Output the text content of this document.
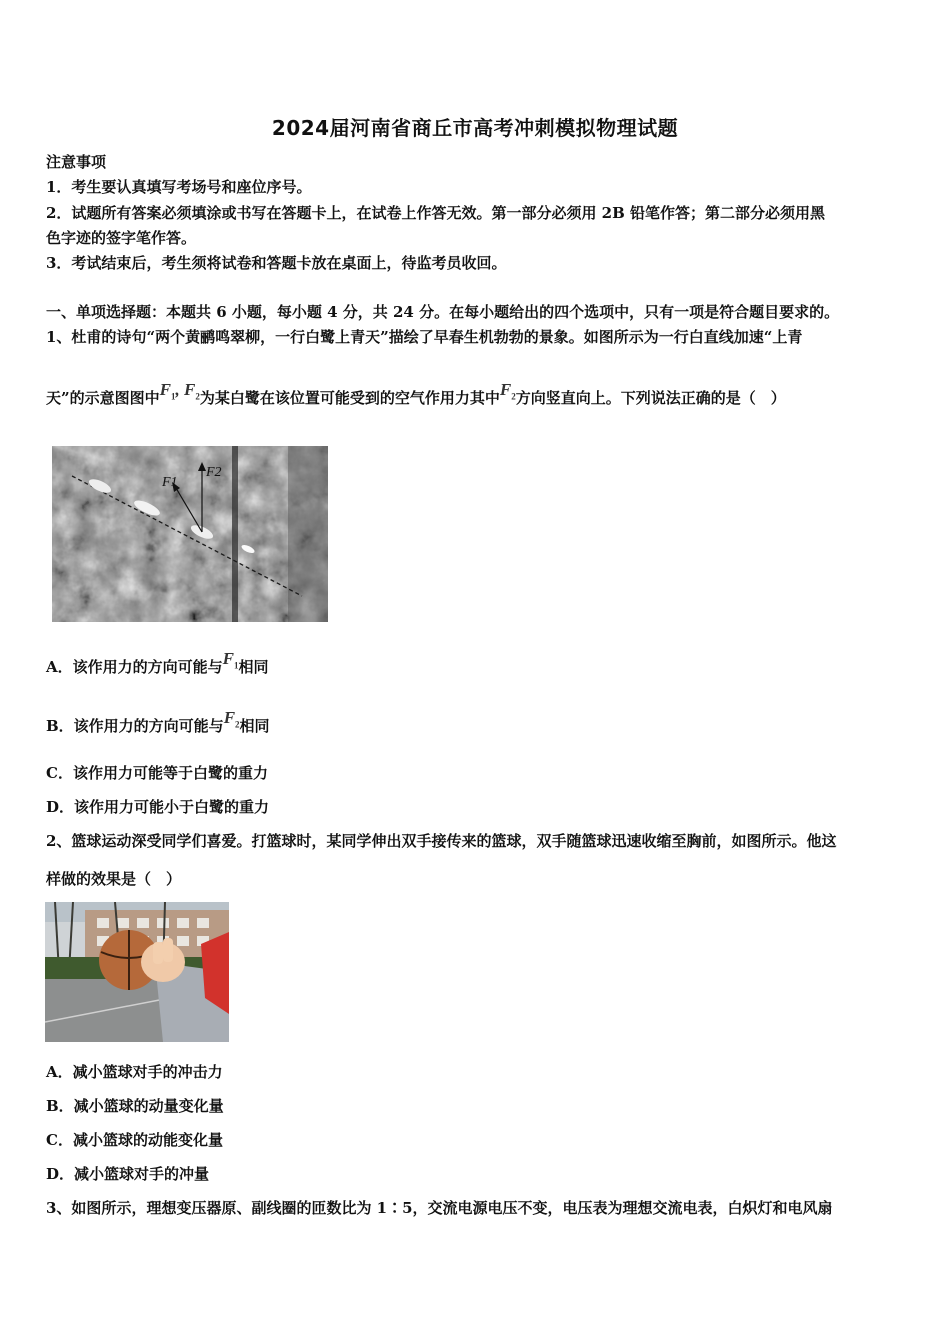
2024届河南省商丘市高考冲刺模拟物理试题
注意事项
1．考生要认真填写考场号和座位序号。
2．试题所有答案必须填涂或书写在答题卡上，在试卷上作答无效。第一部分必须用 2B 铅笔作答；第二部分必须用黑
色字迹的签字笔作答。
3．考试结束后，考生须将试卷和答题卡放在桌面上，待监考员收回。
一、单项选择题：本题共 6 小题，每小题 4 分，共 24 分。在每小题给出的四个选项中，只有一项是符合题目要求的。
1、杜甫的诗句“两个黄鹂鸣翠柳，一行白鹭上青天”描绘了早春生机勃勃的景象。如图所示为一行白直线加速“上青
天”的示意图图中$F_1$, $F_2$为某白鹭在该位置可能受到的空气作用力其中$F_2$方向竖直向上。下列说法正确的是（　）
F1
F2
A．该作用力的方向可能与$F_1$相同
B．该作用力的方向可能与$F_2$相同
C．该作用力可能等于白鹭的重力
D．该作用力可能小于白鹭的重力
2、篮球运动深受同学们喜爱。打篮球时，某同学伸出双手接传来的篮球，双手随篮球迅速收缩至胸前，如图所示。他这
样做的效果是（　）
A．减小篮球对手的冲击力
B．减小篮球的动量变化量
C．减小篮球的动能变化量
D．减小篮球对手的冲量
3、如图所示，理想变压器原、副线圈的匝数比为 1∶5，交流电源电压不变，电压表为理想交流电表，白炽灯和电风扇
